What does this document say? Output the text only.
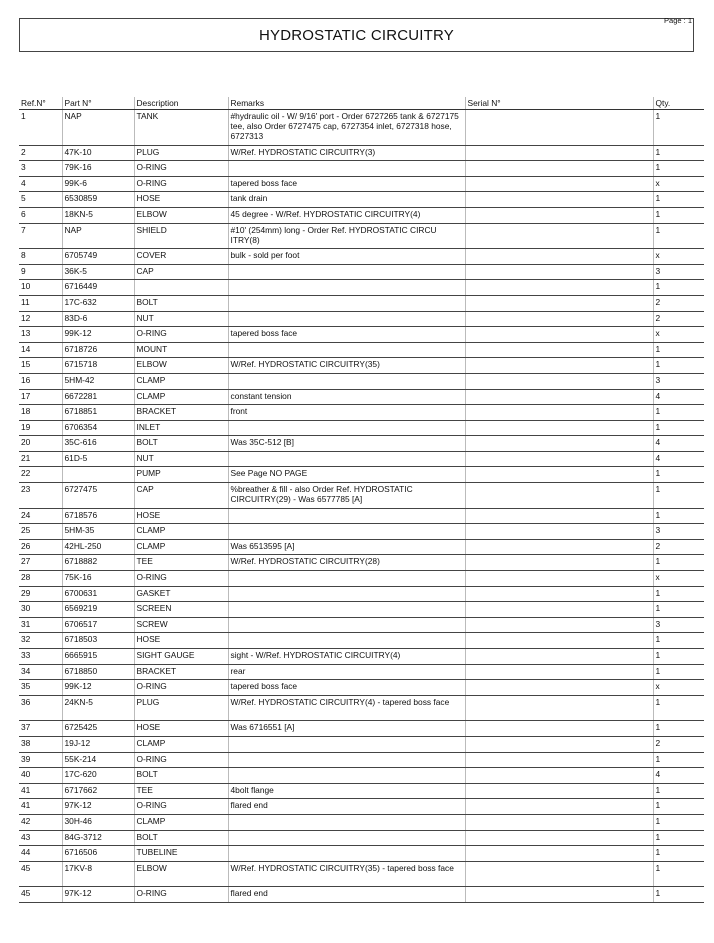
HYDROSTATIC CIRCUITRY
Page : 1
Ref.N°	Part N°	Description	Remarks	Serial N°	Qty.
1	NAP	TANK	#hydraulic oil - W/ 9/16' port - Order 6727265 tank & 6727175 tee, also Order 6727475 cap, 6727354 inlet, 6727318 hose, 6727313		1
2	47K-10	PLUG	W/Ref. HYDROSTATIC CIRCUITRY(3)		1
3	79K-16	O-RING			1
4	99K-6	O-RING	tapered boss face		x
5	6530859	HOSE	tank drain		1
6	18KN-5	ELBOW	45 degree - W/Ref. HYDROSTATIC CIRCUITRY(4)		1
7	NAP	SHIELD	#10' (254mm) long - Order Ref. HYDROSTATIC CIRCU ITRY(8)		1
8	6705749	COVER	bulk - sold per foot		x
9	36K-5	CAP			3
10	6716449				1
11	17C-632	BOLT			2
12	83D-6	NUT			2
13	99K-12	O-RING	tapered boss face		x
14	6718726	MOUNT			1
15	6715718	ELBOW	W/Ref. HYDROSTATIC CIRCUITRY(35)		1
16	5HM-42	CLAMP			3
17	6672281	CLAMP	constant tension		4
18	6718851	BRACKET	front		1
19	6706354	INLET			1
20	35C-616	BOLT	Was 35C-512 [B]		4
21	61D-5	NUT			4
22		PUMP	See Page NO PAGE		1
23	6727475	CAP	%breather & fill - also Order Ref. HYDROSTATIC CIRCUITRY(29) - Was 6577785 [A]		1
24	6718576	HOSE			1
25	5HM-35	CLAMP			3
26	42HL-250	CLAMP	Was 6513595 [A]		2
27	6718882	TEE	W/Ref. HYDROSTATIC CIRCUITRY(28)		1
28	75K-16	O-RING			x
29	6700631	GASKET			1
30	6569219	SCREEN			1
31	6706517	SCREW			3
32	6718503	HOSE			1
33	6665915	SIGHT GAUGE	sight - W/Ref. HYDROSTATIC CIRCUITRY(4)		1
34	6718850	BRACKET	rear		1
35	99K-12	O-RING	tapered boss face		x
36	24KN-5	PLUG	W/Ref. HYDROSTATIC CIRCUITRY(4) - tapered boss face		1
37	6725425	HOSE	Was 6716551 [A]		1
38	19J-12	CLAMP			2
39	55K-214	O-RING			1
40	17C-620	BOLT			4
41	6717662	TEE	4bolt flange		1
41	97K-12	O-RING	flared end		1
42	30H-46	CLAMP			1
43	84G-3712	BOLT			1
44	6716506	TUBELINE			1
45	17KV-8	ELBOW	W/Ref. HYDROSTATIC CIRCUITRY(35) - tapered boss face		1
45	97K-12	O-RING	flared end		1
